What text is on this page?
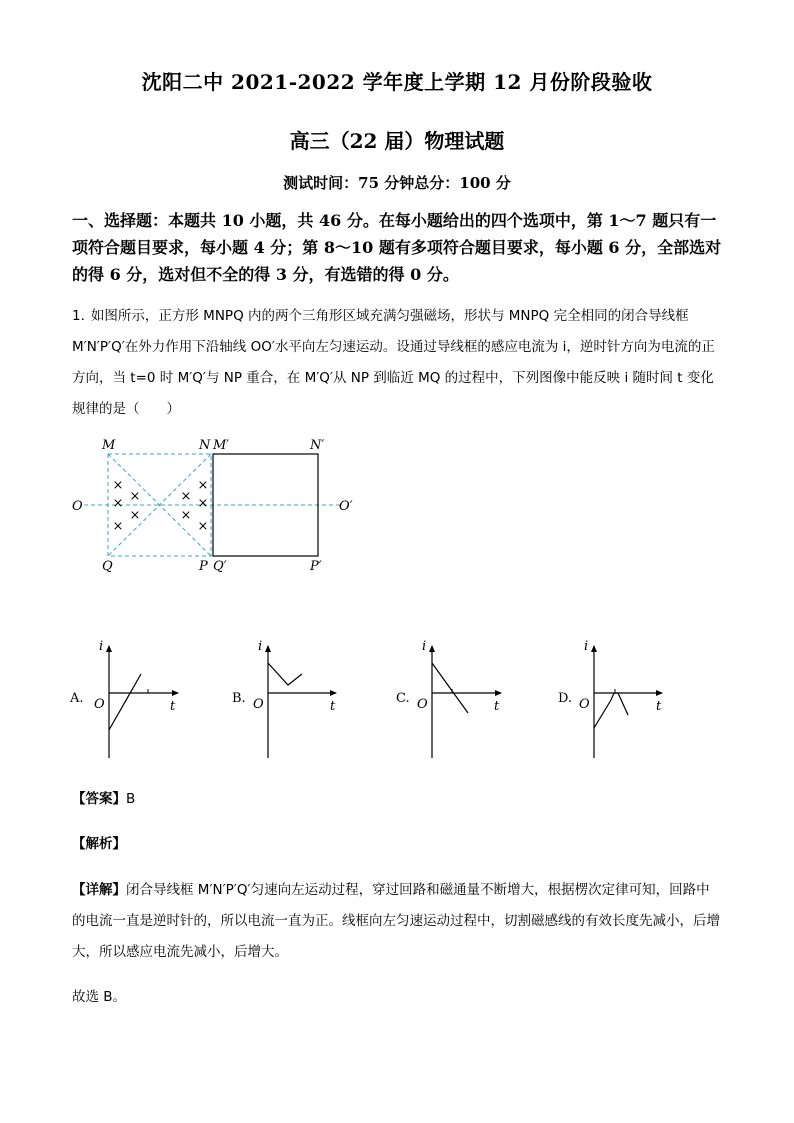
沈阳二中 2021-2022 学年度上学期 12 月份阶段验收
高三（22 届）物理试题
测试时间：75 分钟总分：100 分
一、选择题：本题共 10 小题，共 46 分。在每小题给出的四个选项中，第 1～7 题只有一项符合题目要求，每小题 4 分；第 8～10 题有多项符合题目要求，每小题 6 分，全部选对的得 6 分，选对但不全的得 3 分，有选错的得 0 分。
1. 如图所示，正方形 MNPQ 内的两个三角形区域充满匀强磁场，形状与 MNPQ 完全相同的闭合导线框 M′N′P′Q′在外力作用下沿轴线 OO′水平向左匀速运动。设通过导线框的感应电流为 i，逆时针方向为电流的正方向，当 t=0 时 M′Q′与 NP 重合，在 M′Q′从 NP 到临近 MQ 的过程中，下列图像中能反映 i 随时间 t 变化规律的是（　　）
×
×
×
×
×
×
×
×
×
×
M	N M′	N′
Q	P Q′	P′
O	O′
A.
i
t
O	B.
i
t
O	C.
i
t
O	D.
i
t
O
【答案】B
【解析】
【详解】闭合导线框 M′N′P′Q′匀速向左运动过程，穿过回路和磁通量不断增大，根据楞次定律可知，回路中的电流一直是逆时针的，所以电流一直为正。线框向左匀速运动过程中，切割磁感线的有效长度先减小，后增大，所以感应电流先减小，后增大。
故选 B。
